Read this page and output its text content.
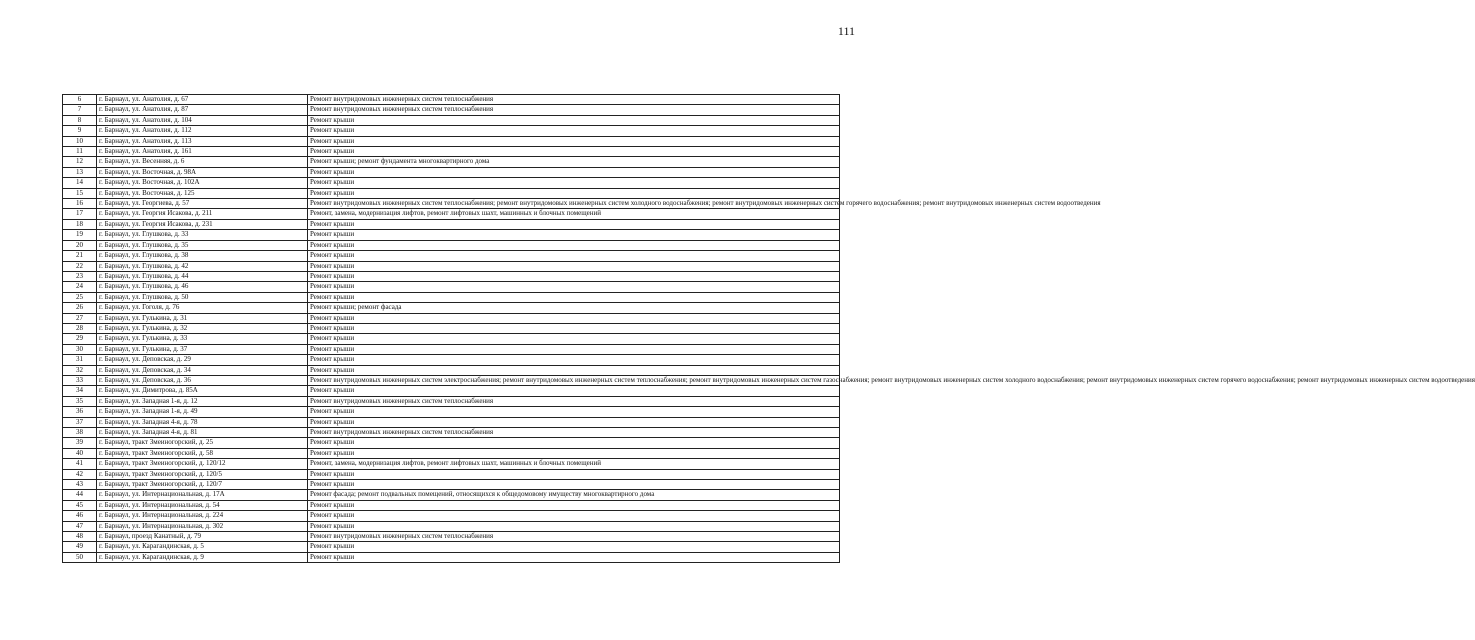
111
6	г. Барнаул, ул. Анатолия, д. 67	Ремонт внутридомовых инженерных систем теплоснабжения
7	г. Барнаул, ул. Анатолия, д. 87	Ремонт внутридомовых инженерных систем теплоснабжения
8	г. Барнаул, ул. Анатолия, д. 104	Ремонт крыши
9	г. Барнаул, ул. Анатолия, д. 112	Ремонт крыши
10	г. Барнаул, ул. Анатолия, д. 113	Ремонт крыши
11	г. Барнаул, ул. Анатолия, д. 161	Ремонт крыши
12	г. Барнаул, ул. Весенняя, д. 6	Ремонт крыши; ремонт фундамента многоквартирного дома
13	г. Барнаул, ул. Восточная, д. 98А	Ремонт крыши
14	г. Барнаул, ул. Восточная, д. 102А	Ремонт крыши
15	г. Барнаул, ул. Восточная, д. 125	Ремонт крыши
16	г. Барнаул, ул. Георгиева, д. 57	Ремонт внутридомовых инженерных систем теплоснабжения; ремонт внутридомовых инженерных систем холодного водоснабжения; ремонт внутридомовых инженерных систем горячего водоснабжения; ремонт внутридомовых инженерных систем водоотведения
17	г. Барнаул, ул. Георгия Исакова, д. 211	Ремонт, замена, модернизация лифтов, ремонт лифтовых шахт, машинных и блочных помещений
18	г. Барнаул, ул. Георгия Исакова, д. 231	Ремонт крыши
19	г. Барнаул, ул. Глушкова, д. 33	Ремонт крыши
20	г. Барнаул, ул. Глушкова, д. 35	Ремонт крыши
21	г. Барнаул, ул. Глушкова, д. 38	Ремонт крыши
22	г. Барнаул, ул. Глушкова, д. 42	Ремонт крыши
23	г. Барнаул, ул. Глушкова, д. 44	Ремонт крыши
24	г. Барнаул, ул. Глушкова, д. 46	Ремонт крыши
25	г. Барнаул, ул. Глушкова, д. 50	Ремонт крыши
26	г. Барнаул, ул. Гоголя, д. 76	Ремонт крыши; ремонт фасада
27	г. Барнаул, ул. Гулькина, д. 31	Ремонт крыши
28	г. Барнаул, ул. Гулькина, д. 32	Ремонт крыши
29	г. Барнаул, ул. Гулькина, д. 33	Ремонт крыши
30	г. Барнаул, ул. Гулькина, д. 37	Ремонт крыши
31	г. Барнаул, ул. Деповская, д. 29	Ремонт крыши
32	г. Барнаул, ул. Деповская, д. 34	Ремонт крыши
33	г. Барнаул, ул. Деповская, д. 36	Ремонт внутридомовых инженерных систем электроснабжения; ремонт внутридомовых инженерных систем теплоснабжения; ремонт внутридомовых инженерных систем газоснабжения; ремонт внутридомовых инженерных систем холодного водоснабжения; ремонт внутридомовых инженерных систем горячего водоснабжения; ремонт внутридомовых инженерных систем водоотведения
34	г. Барнаул, ул. Димитрова, д. 85А	Ремонт крыши
35	г. Барнаул, ул. Западная 1-я, д. 12	Ремонт внутридомовых инженерных систем теплоснабжения
36	г. Барнаул, ул. Западная 1-я, д. 49	Ремонт крыши
37	г. Барнаул, ул. Западная 4-я, д. 78	Ремонт крыши
38	г. Барнаул, ул. Западная 4-я, д. 81	Ремонт внутридомовых инженерных систем теплоснабжения
39	г. Барнаул, тракт Змеиногорский, д. 25	Ремонт крыши
40	г. Барнаул, тракт Змеиногорский, д. 58	Ремонт крыши
41	г. Барнаул, тракт Змеиногорский, д. 120/12	Ремонт, замена, модернизация лифтов, ремонт лифтовых шахт, машинных и блочных помещений
42	г. Барнаул, тракт Змеиногорский, д. 120/5	Ремонт крыши
43	г. Барнаул, тракт Змеиногорский, д. 120/7	Ремонт крыши
44	г. Барнаул, ул. Интернациональная, д. 17А	Ремонт фасада; ремонт подвальных помещений, относящихся к общедомовому имуществу многоквартирного дома
45	г. Барнаул, ул. Интернациональная, д. 54	Ремонт крыши
46	г. Барнаул, ул. Интернациональная, д. 224	Ремонт крыши
47	г. Барнаул, ул. Интернациональная, д. 302	Ремонт крыши
48	г. Барнаул, проезд Канатный, д. 79	Ремонт внутридомовых инженерных систем теплоснабжения
49	г. Барнаул, ул. Карагандинская, д. 5	Ремонт крыши
50	г. Барнаул, ул. Карагандинская, д. 9	Ремонт крыши
